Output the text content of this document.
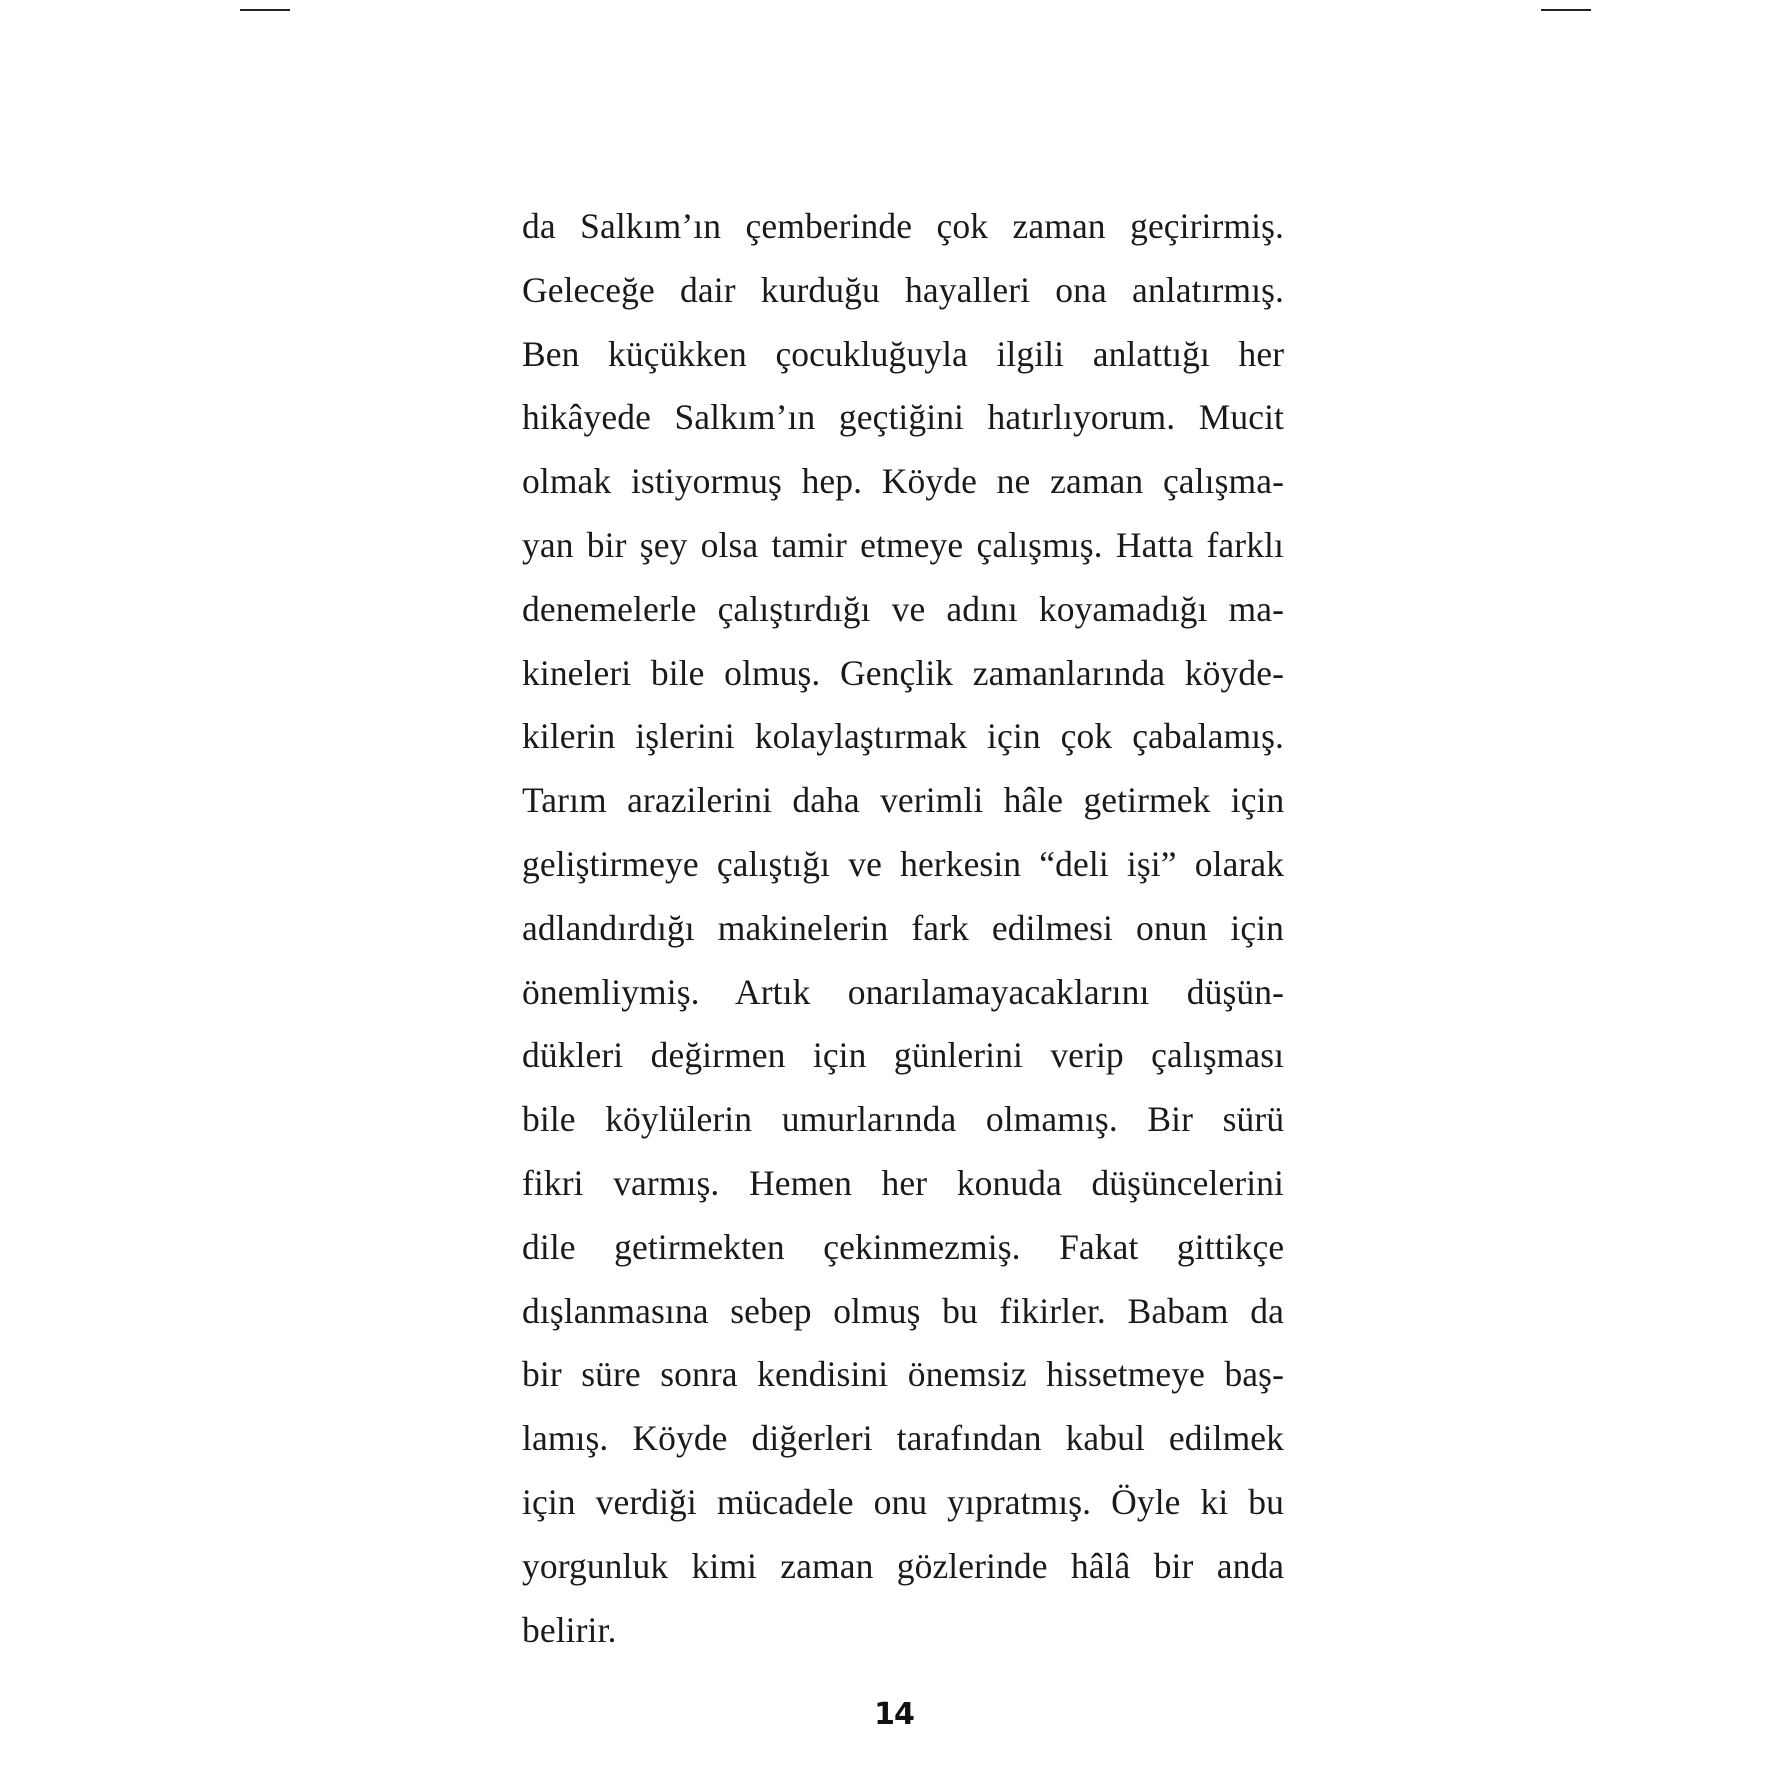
da Salkım’ın çemberinde çok zaman geçirirmiş.
Geleceğe dair kurduğu hayalleri ona anlatırmış.
Ben küçükken çocukluğuyla ilgili anlattığı her
hikâyede Salkım’ın geçtiğini hatırlıyorum. Mucit
olmak istiyormuş hep. Köyde ne zaman çalışma-
yan bir şey olsa tamir etmeye çalışmış. Hatta farklı
denemelerle çalıştırdığı ve adını koyamadığı ma-
kineleri bile olmuş. Gençlik zamanlarında köyde-
kilerin işlerini kolaylaştırmak için çok çabalamış.
Tarım arazilerini daha verimli hâle getirmek için
geliştirmeye çalıştığı ve herkesin “deli işi” olarak
adlandırdığı makinelerin fark edilmesi onun için
önemliymiş. Artık onarılamayacaklarını düşün-
dükleri değirmen için günlerini verip çalışması
bile köylülerin umurlarında olmamış. Bir sürü
fikri varmış. Hemen her konuda düşüncelerini
dile getirmekten çekinmezmiş. Fakat gittikçe
dışlanmasına sebep olmuş bu fikirler. Babam da
bir süre sonra kendisini önemsiz hissetmeye baş-
lamış. Köyde diğerleri tarafından kabul edilmek
için verdiği mücadele onu yıpratmış. Öyle ki bu
yorgunluk kimi zaman gözlerinde hâlâ bir anda
belirir.
14
